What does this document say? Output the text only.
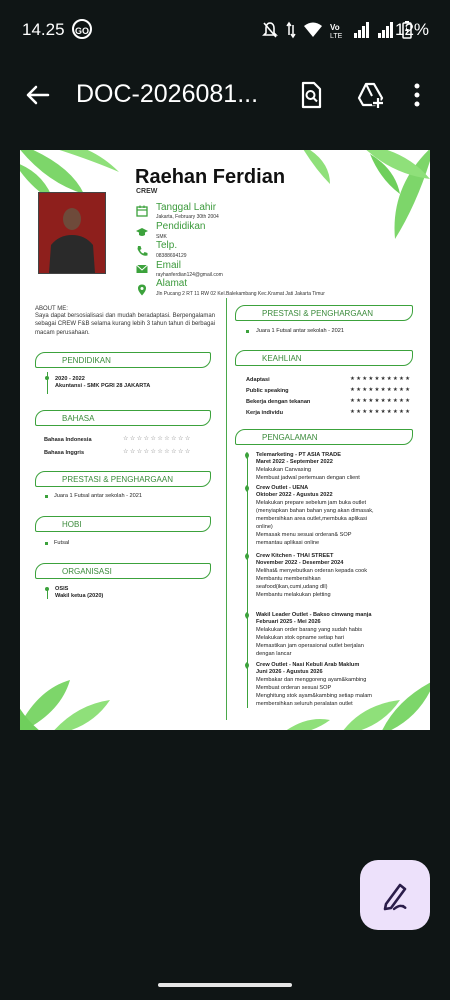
14.25	GO	Vo
LTE	12%
DOC-2026081...
Raehan Ferdian
CREW
Tanggal Lahir
Jakarta, February 30th 2004
Pendidikan
SMK
Telp.
08388694129
Email
rayhanferdian124@gmail.com
Alamat
Jln Pucang 2 RT 11 RW 02 Kel.Balekambang Kec.Kramat Jati Jakarta Timur
ABOUT ME:
Saya dapat bersosialisasi dan mudah beradaptasi. Berpengalaman sebagai CREW F&B selama kurang lebih 3 tahun tahun di berbagai macam perusahaan.
PENDIDIKAN
2020 - 2022
Akuntansi - SMK PGRI 28 JAKARTA
BAHASA
Bahasa Indonesia	☆☆☆☆☆☆☆☆☆☆
Bahasa Inggris	☆☆☆☆☆☆☆☆☆☆
PRESTASI & PENGHARGAAN
Juara 1 Futsal antar sekolah - 2021
HOBI
Futsal
ORGANISASI
OSIS
Wakil ketua (2020)
PRESTASI & PENGHARGAAN
Juara 1 Futsal antar sekolah - 2021
KEAHLIAN
Adaptasi	★★★★★★★★★★
Public speaking	★★★★★★★★★★
Bekerja dengan tekanan	★★★★★★★★★★
Kerja individu	★★★★★★★★★★
PENGALAMAN
Telemarketing - PT ASIA TRADE
Maret 2022 - September 2022
Melakukan Canvasing
Membuat jadwal pertemuan dengan client
Crew Outlet - UENA
Oktober 2022 - Agustus 2022
Melakukan prepare sebelum jam buka outlet
(menyiapkan bahan bahan yang akan dimasak,
membersihkan area outlet,membuka aplikasi
online)
Memasak menu sesuai orderan& SOP
memantau aplikasi online
Crew Kitchen - THAI STREET
November 2022 - Desember 2024
Melihat& menyebutkan orderan kepada cook
Membantu membersihkan
seafood(ikan,cumi,udang dll)
Membantu melakukan pletting
Wakil Leader Outlet - Bakso cinwang manja
Februari 2025 - Mei 2026
Melakukan order barang yang sudah habis
Melakukan stok opname setiap hari
Memastikan jam operasional outlet berjalan
dengan lancar
Crew Outlet - Nasi Kebuli Arab Maklum
Juni 2026 - Agustus 2026
Membakar dan menggoreng ayam&kambing
Membuat orderan sesuai SOP
Menghitung stok ayam&kambing setiap malam
membersihkan seluruh peralatan outlet
